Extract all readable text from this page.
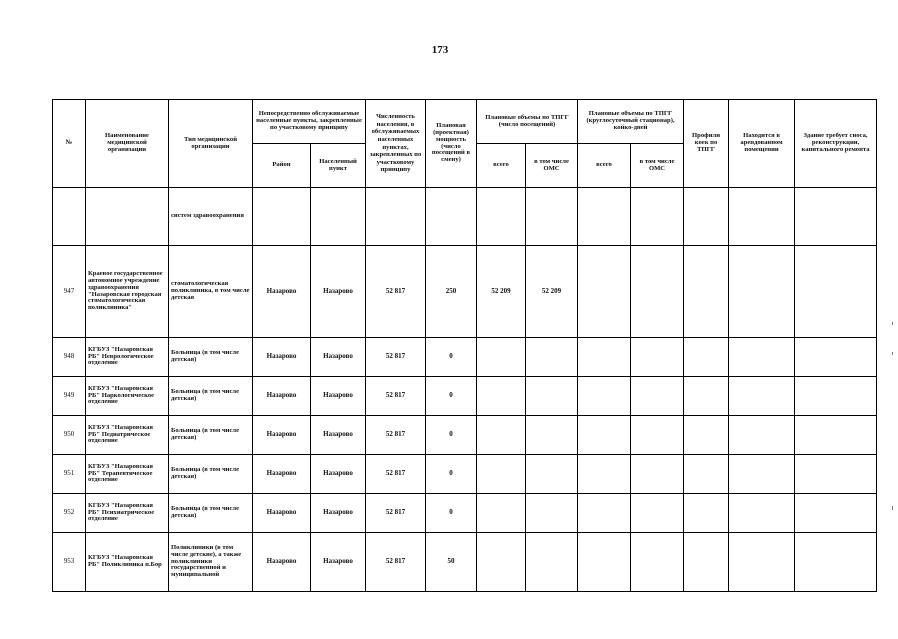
173
№	Наименование медицинской организации	Тип медицинской организации	Непосредственно обслуживаемые населенные пункты, закрепленные по участковому принципу		Численность населения, в обслуживаемых населенных пунктах, закрепленных по участковому принципу	Плановая (проектная) мощность (число посещений в смену)	Плановые объемы по ТПГГ (число посещений)		Плановые объемы по ТПГГ (круглосуточный стационар), койко-дней		Профили коек по ТПГГ	Находится в арендованном помещении	Здание требует сноса, реконструкции, капитального ремонта
			Район	Населенный пункт			всего	в том числе ОМС	всего	в том числе ОМС			
		систем здравоохранения											
947	Краевое государственное автономное учреждение здравоохранения "Назаровская городская стоматологическая поликлиника"	стоматологическая поликлиника, в том числе детская	Назарово	Назарово	52 817	250	52 209	52 209					
948	КГБУЗ "Назаровская РБ" Неврологическое отделение	Больница (в том числе детская)	Назарово	Назарово	52 817	0							
949	КГБУЗ "Назаровская РБ" Наркологическое отделение	Больница (в том числе детская)	Назарово	Назарово	52 817	0							
950	КГБУЗ "Назаровская РБ" Педиатрическое отделение	Больница (в том числе детская)	Назарово	Назарово	52 817	0							
951	КГБУЗ "Назаровская РБ" Терапевтическое отделение	Больница (в том числе детская)	Назарово	Назарово	52 817	0							
952	КГБУЗ "Назаровская РБ" Психиатрическое отделение	Больница (в том числе детская)	Назарово	Назарово	52 817	0							
953	КГБУЗ "Назаровская РБ" Поликлиника п.Бор	Поликлиники (в том числе детские), а также поликлиники государственной и муниципальной	Назарово	Назарово	52 817	50							
